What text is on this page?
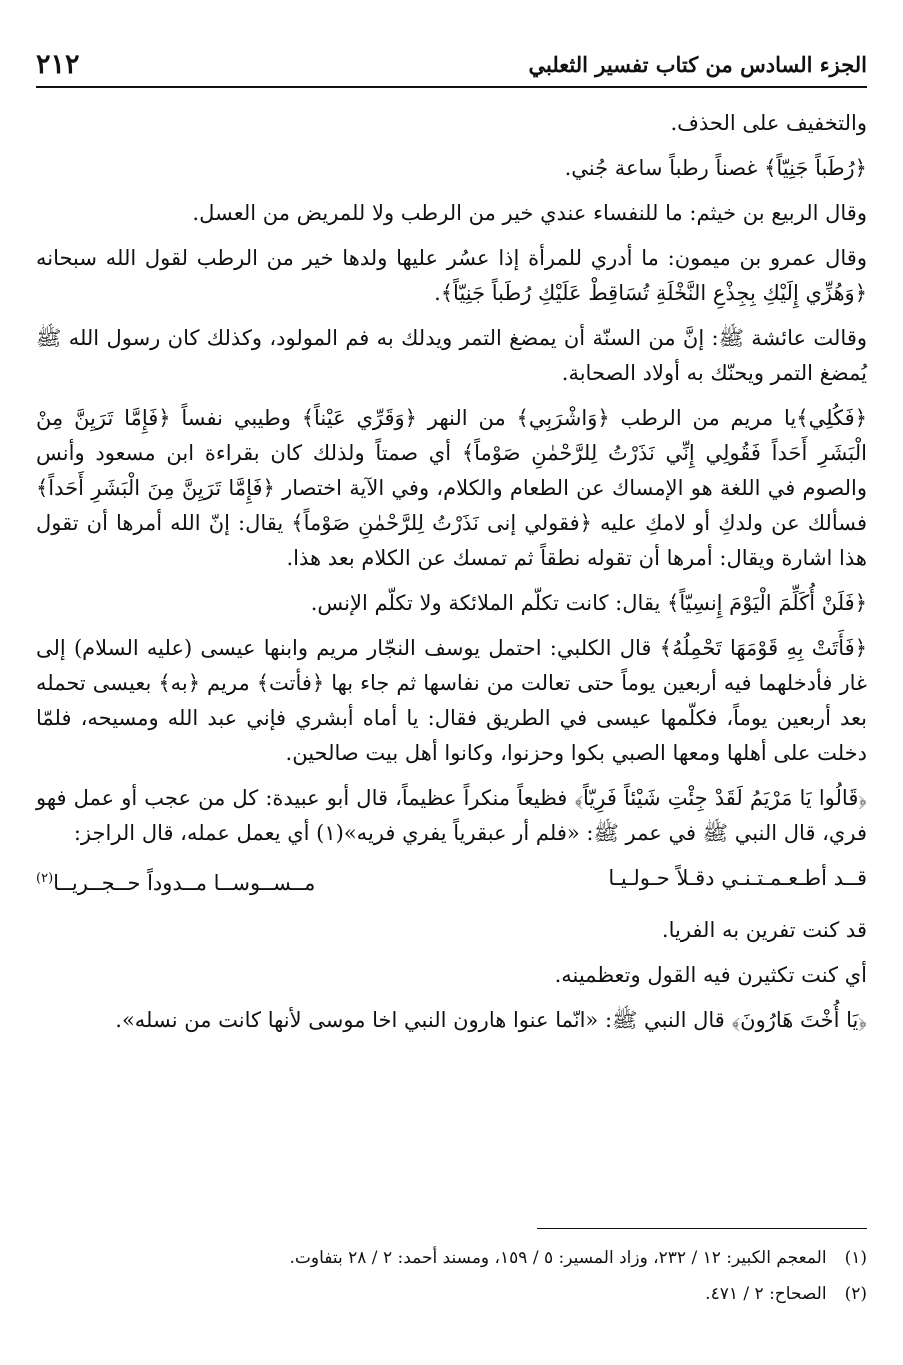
الجزء السادس من كتاب تفسير الثعلبي
٢١٢

والتخفيف على الحذف.

﴿رُطَباً جَنِيّاً﴾ غصناً رطباً ساعة جُني.

وقال الربيع بن خيثم: ما للنفساء عندي خير من الرطب ولا للمريض من العسل.

وقال عمرو بن ميمون: ما أدري للمرأة إذا عسُر عليها ولدها خير من الرطب لقول الله سبحانه ﴿وَهُزِّي إِلَيْكِ بِجِذْعِ النَّخْلَةِ تُسَاقِطْ عَلَيْكِ رُطَباً جَنِيّاً﴾.

وقالت عائشة ﷺ: إنَّ من السنّة أن يمضغ التمر ويدلك به فم المولود، وكذلك كان رسول الله ﷺ يُمضغ التمر ويحنّك به أولاد الصحابة.

﴿فَكُلِي﴾يا مريم من الرطب ﴿وَاشْرَبِي﴾ من النهر ﴿وَقَرِّي عَيْناً﴾ وطيبي نفساً ﴿فَإِمَّا تَرَيِنَّ مِنْ الْبَشَرِ أَحَداً فَقُولِي إِنِّي نَذَرْتُ لِلرَّحْمٰنِ صَوْماً﴾ أي صمتاً ولذلك كان بقراءة ابن مسعود وأنس والصوم في اللغة هو الإمساك عن الطعام والكلام، وفي الآية اختصار ﴿فَإِمَّا تَرَيِنَّ مِنَ الْبَشَرِ أَحَداً﴾ فسألك عن ولدكِ أو لامكِ عليه ﴿فقولي إنى نَذَرْتُ لِلرَّحْمٰنِ صَوْماً﴾ يقال: إنّ الله أمرها أن تقول هذا اشارة ويقال: أمرها أن تقوله نطقاً ثم تمسك عن الكلام بعد هذا.

﴿فَلَنْ أُكَلِّمَ الْيَوْمَ إِنسِيّاً﴾ يقال: كانت تكلّم الملائكة ولا تكلّم الإنس.

﴿فَأَتَتْ بِهِ قَوْمَهَا تَحْمِلُهُ﴾ قال الكلبي: احتمل يوسف النجّار مريم وابنها عيسى (عليه السلام) إلى غار فأدخلهما فيه أربعين يوماً حتى تعالت من نفاسها ثم جاء بها ﴿فأتت﴾ مريم ﴿به﴾ بعيسى تحمله بعد أربعين يوماً، فكلّمها عيسى في الطريق فقال: يا أماه أبشري فإني عبد الله ومسيحه، فلمّا دخلت على أهلها ومعها الصبي بكوا وحزنوا، وكانوا أهل بيت صالحين.

﴿قَالُوا يَا مَرْيَمُ لَقَدْ جِئْتِ شَيْئاً فَرِيّاً﴾ فظيعاً منكراً عظيماً، قال أبو عبيدة: كل من عجب أو عمل فهو فري، قال النبي ﷺ في عمر ﷺ: «فلم أر عبقرياً يفري فريه»(١) أي يعمل عمله، قال الراجز:

قــد أطـعـمـتـنـي دقـلاً حـولـيـا
مــســوســا مــدوداً حــجــريــا$^{(٢)}$

قد كنت تفرين به الفريا.

أي كنت تكثيرن فيه القول وتعظمينه.

﴿يَا أُخْتَ هَارُونَ﴾ قال النبي ﷺ: «انّما عنوا هارون النبي اخا موسى لأنها كانت من نسله».

(١)المعجم الكبير: ١٢ / ٢٣٢، وزاد المسير: ٥ / ١٥٩، ومسند أحمد: ٢ / ٢٨ بتفاوت.
(٢)الصحاح: ٢ / ٤٧١.
